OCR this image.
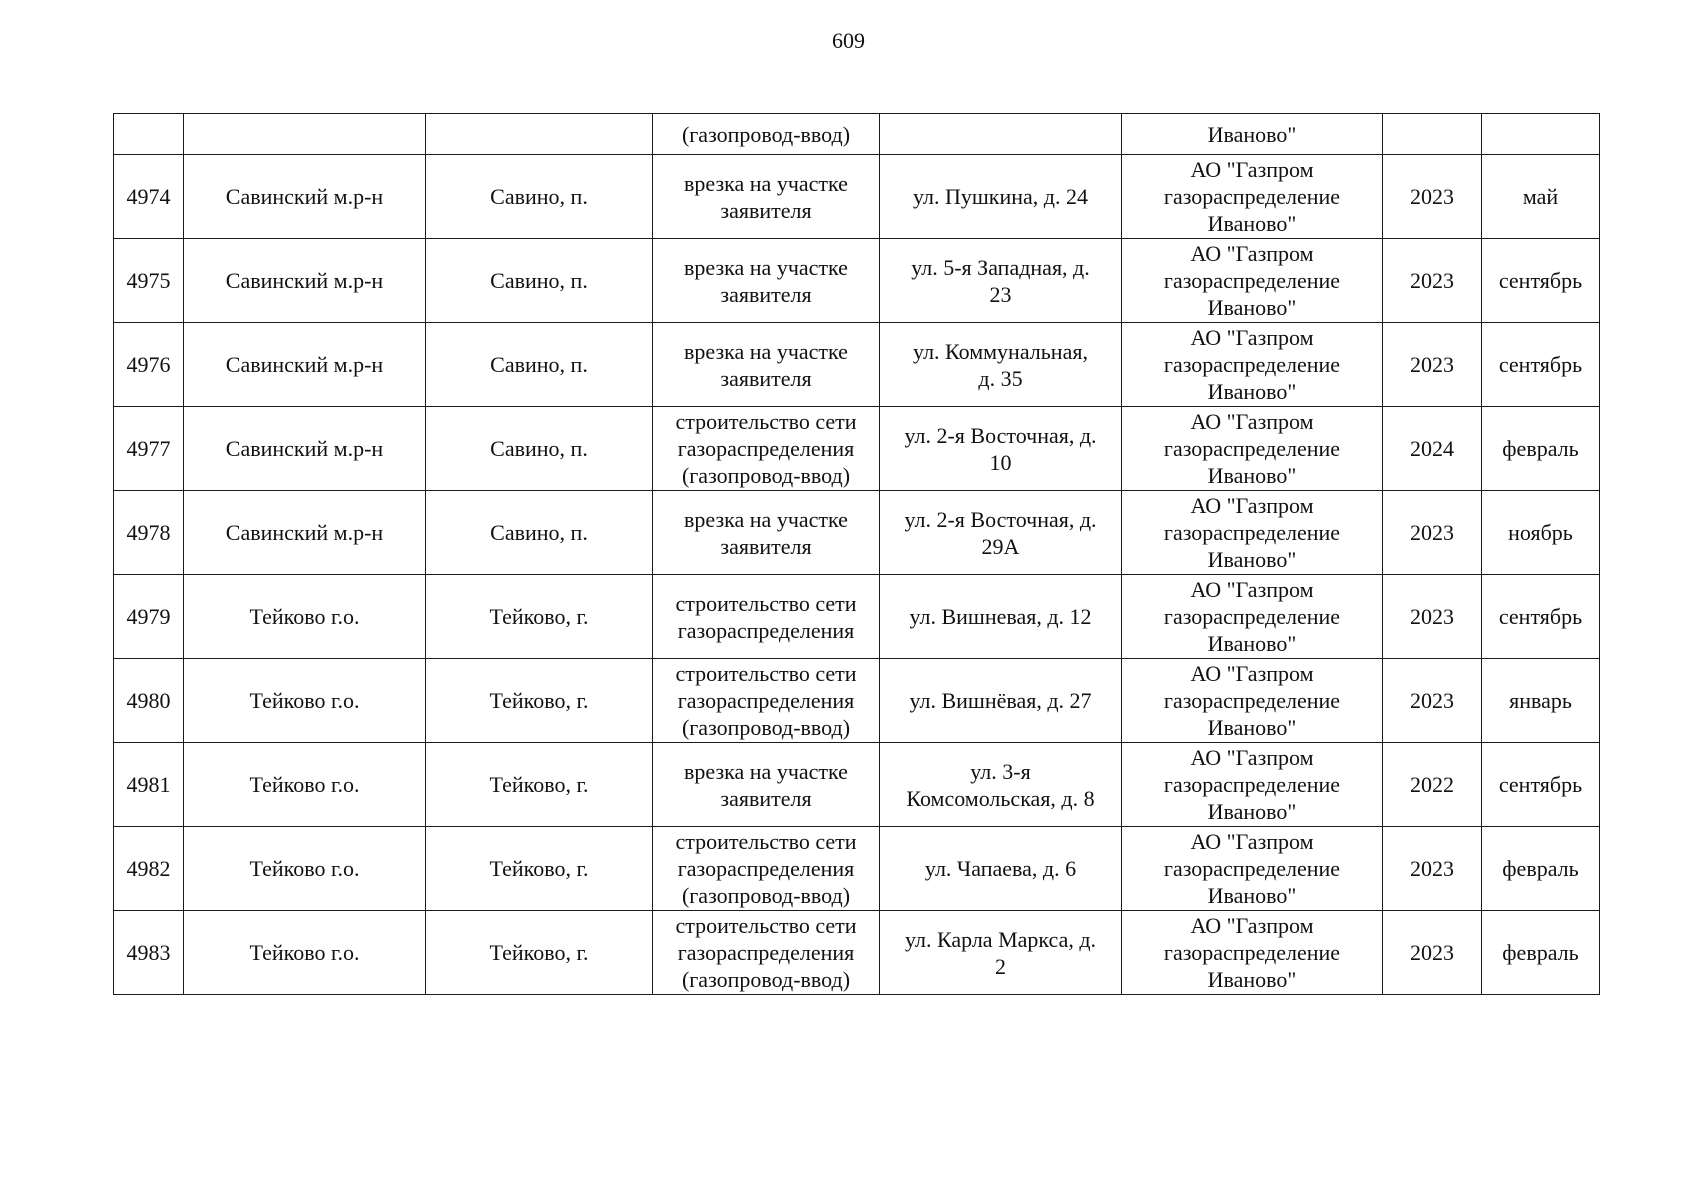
609
			(газопровод-ввод)		Иваново"		
4974	Савинский м.р-н	Савино, п.	врезка на участке
заявителя	ул. Пушкина, д. 24	АО "Газпром
газораспределение
Иваново"	2023	май
4975	Савинский м.р-н	Савино, п.	врезка на участке
заявителя	ул. 5-я Западная, д.
23	АО "Газпром
газораспределение
Иваново"	2023	сентябрь
4976	Савинский м.р-н	Савино, п.	врезка на участке
заявителя	ул. Коммунальная,
д. 35	АО "Газпром
газораспределение
Иваново"	2023	сентябрь
4977	Савинский м.р-н	Савино, п.	строительство сети
газораспределения
(газопровод-ввод)	ул. 2-я Восточная, д.
10	АО "Газпром
газораспределение
Иваново"	2024	февраль
4978	Савинский м.р-н	Савино, п.	врезка на участке
заявителя	ул. 2-я Восточная, д.
29А	АО "Газпром
газораспределение
Иваново"	2023	ноябрь
4979	Тейково г.о.	Тейково, г.	строительство сети
газораспределения	ул. Вишневая, д. 12	АО "Газпром
газораспределение
Иваново"	2023	сентябрь
4980	Тейково г.о.	Тейково, г.	строительство сети
газораспределения
(газопровод-ввод)	ул. Вишнёвая, д. 27	АО "Газпром
газораспределение
Иваново"	2023	январь
4981	Тейково г.о.	Тейково, г.	врезка на участке
заявителя	ул. 3-я
Комсомольская, д. 8	АО "Газпром
газораспределение
Иваново"	2022	сентябрь
4982	Тейково г.о.	Тейково, г.	строительство сети
газораспределения
(газопровод-ввод)	ул. Чапаева, д. 6	АО "Газпром
газораспределение
Иваново"	2023	февраль
4983	Тейково г.о.	Тейково, г.	строительство сети
газораспределения
(газопровод-ввод)	ул. Карла Маркса, д.
2	АО "Газпром
газораспределение
Иваново"	2023	февраль
